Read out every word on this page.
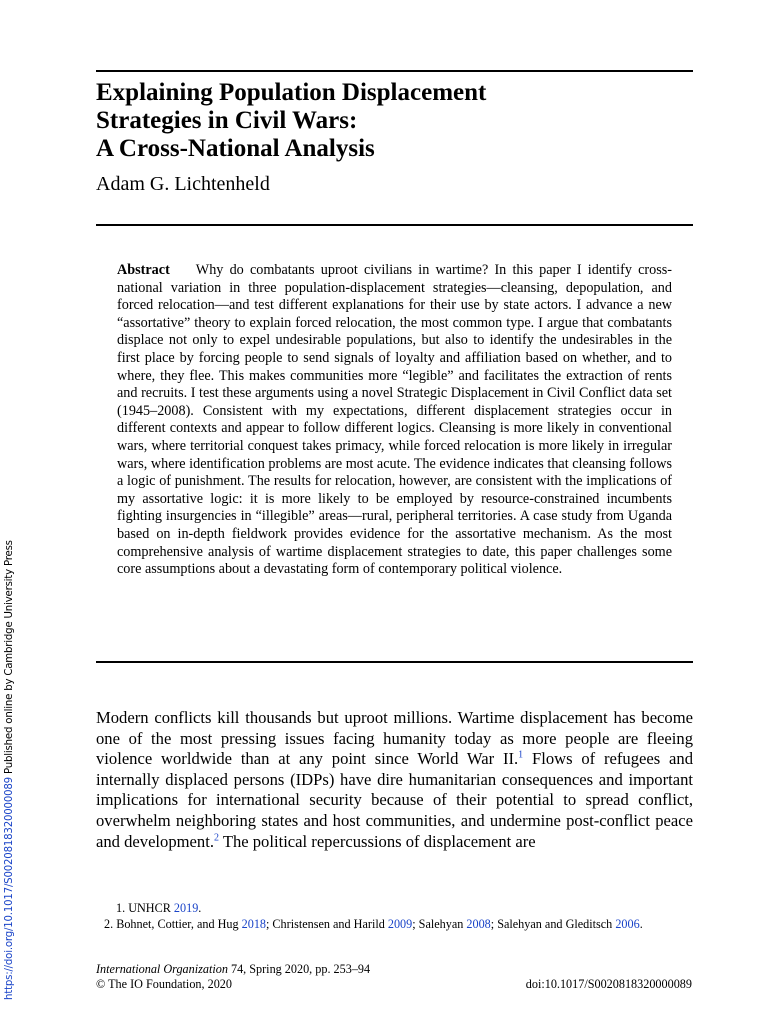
Explaining Population Displacement
Strategies in Civil Wars:
A Cross-National Analysis
Adam G. Lichtenheld
Abstract Why do combatants uproot civilians in wartime? In this paper I identify cross-national variation in three population-displacement strategies—cleansing, depopulation, and forced relocation—and test different explanations for their use by state actors. I advance a new “assortative” theory to explain forced relocation, the most common type. I argue that combatants displace not only to expel undesirable populations, but also to identify the undesirables in the first place by forcing people to send signals of loyalty and affiliation based on whether, and to where, they flee. This makes communities more “legible” and facilitates the extraction of rents and recruits. I test these arguments using a novel Strategic Displacement in Civil Conflict data set (1945–2008). Consistent with my expectations, different displacement strategies occur in different contexts and appear to follow different logics. Cleansing is more likely in conventional wars, where territorial conquest takes primacy, while forced relocation is more likely in irregular wars, where identification problems are most acute. The evidence indicates that cleansing follows a logic of punishment. The results for relocation, however, are consistent with the implications of my assortative logic: it is more likely to be employed by resource-constrained incumbents fighting insurgencies in “illegible” areas—rural, peripheral territories. A case study from Uganda based on in-depth fieldwork provides evidence for the assortative mechanism. As the most comprehensive analysis of wartime displacement strategies to date, this paper challenges some core assumptions about a devastating form of contemporary political violence.
Modern conflicts kill thousands but uproot millions. Wartime displacement has become one of the most pressing issues facing humanity today as more people are fleeing violence worldwide than at any point since World War II.$^1$ Flows of refugees and internally displaced persons (IDPs) have dire humanitarian consequences and important implications for international security because of their potential to spread conflict, overwhelm neighboring states and host communities, and undermine post-conflict peace and development.$^2$ The political repercussions of displacement are
1. UNHCR 2019.
2. Bohnet, Cottier, and Hug 2018; Christensen and Harild 2009; Salehyan 2008; Salehyan and Gleditsch 2006.
International Organization 74, Spring 2020, pp. 253–94
© The IO Foundation, 2020	doi:10.1017/S0020818320000089
https://doi.org/10.1017/S0020818320000089 Published online by Cambridge University Press
